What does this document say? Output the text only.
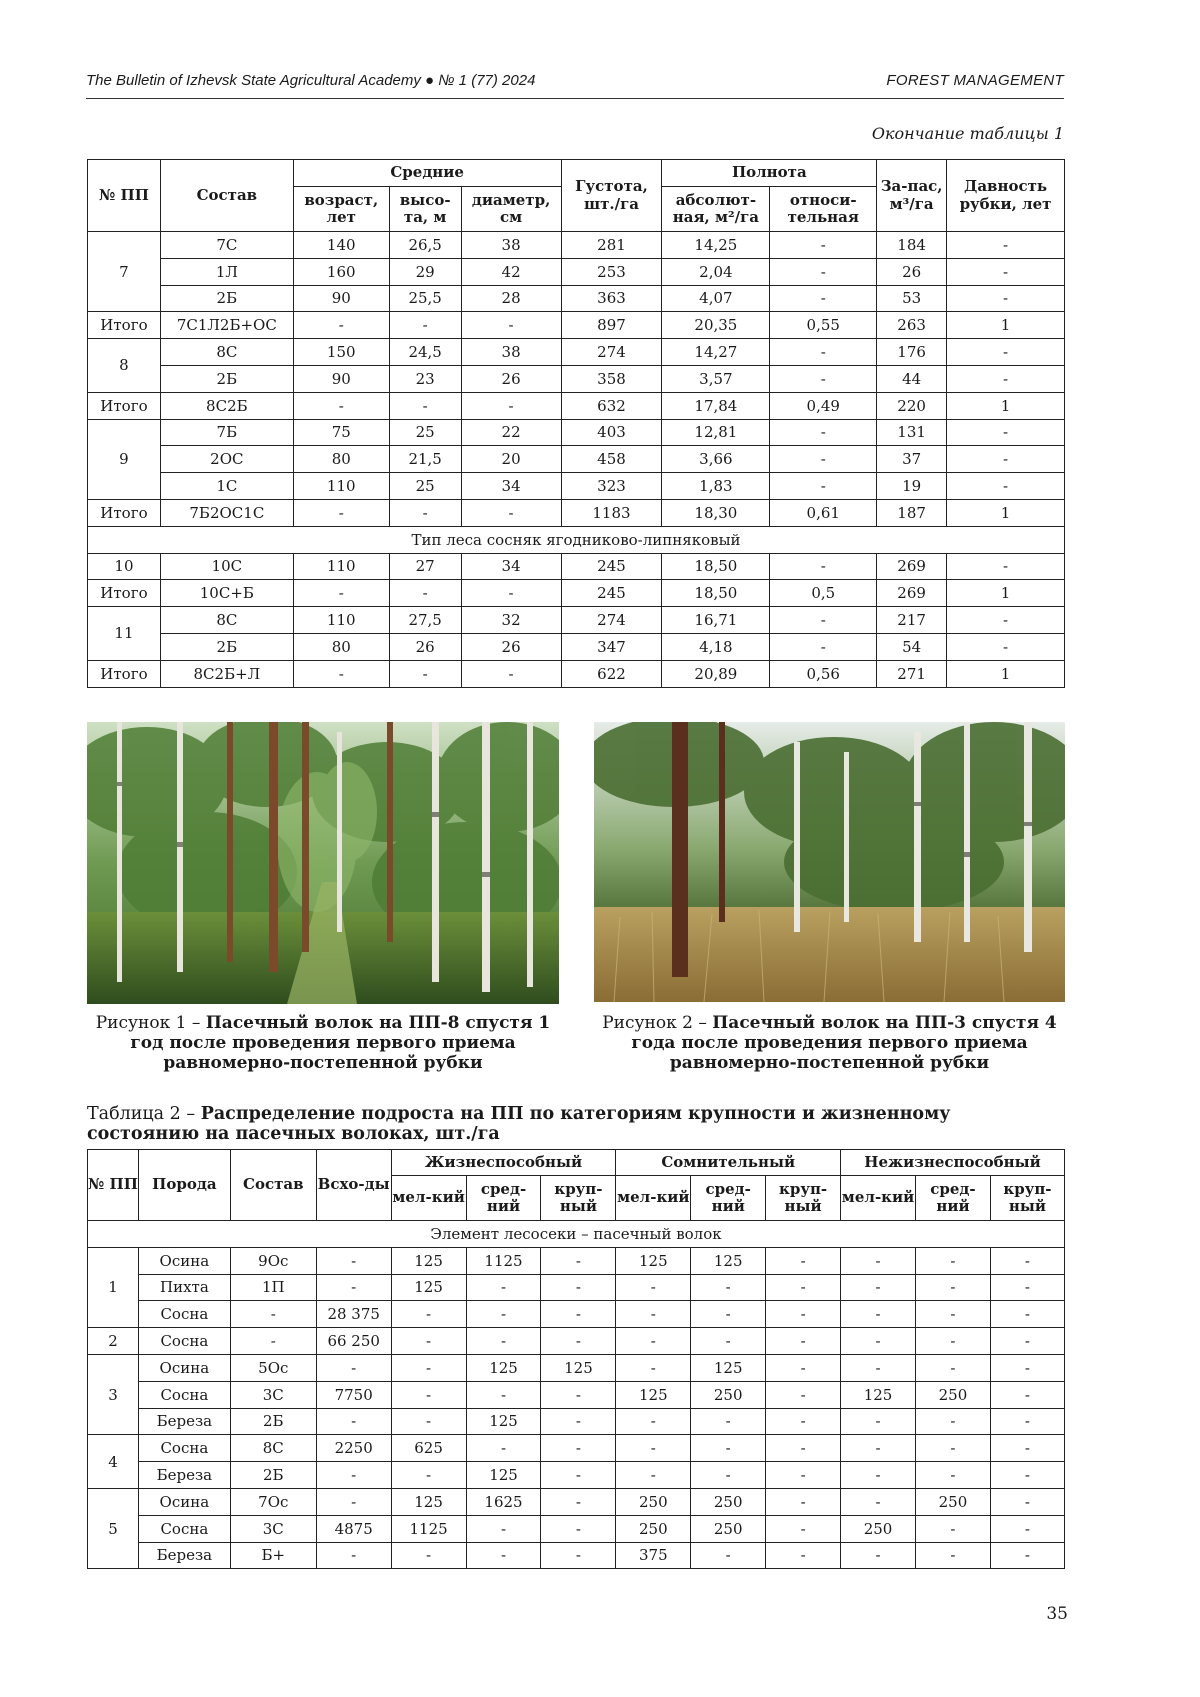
The Bulletin of Izhevsk State Agricultural Academy ● № 1 (77) 2024	FOREST MANAGEMENT
Окончание таблицы 1
№ ПП	Состав	Средние			Густота, шт./га	Полнота		За-пас, м³/га	Давность рубки, лет
		возраст, лет	высо-та, м	диаметр, см		абсолют-ная, м²/га	относи-тельная		
7	7С	140	26,5	38	281	14,25	-	184	-
	1Л	160	29	42	253	2,04	-	26	-
	2Б	90	25,5	28	363	4,07	-	53	-
Итого	7С1Л2Б+ОС	-	-	-	897	20,35	0,55	263	1
8	8С	150	24,5	38	274	14,27	-	176	-
	2Б	90	23	26	358	3,57	-	44	-
Итого	8С2Б	-	-	-	632	17,84	0,49	220	1
9	7Б	75	25	22	403	12,81	-	131	-
	2ОС	80	21,5	20	458	3,66	-	37	-
	1С	110	25	34	323	1,83	-	19	-
Итого	7Б2ОС1С	-	-	-	1183	18,30	0,61	187	1
Тип леса сосняк ягодниково-липняковый									
10	10С	110	27	34	245	18,50	-	269	-
Итого	10С+Б	-	-	-	245	18,50	0,5	269	1
11	8С	110	27,5	32	274	16,71	-	217	-
	2Б	80	26	26	347	4,18	-	54	-
Итого	8С2Б+Л	-	-	-	622	20,89	0,56	271	1
Рисунок 1 – Пасечный волок на ПП-8 спустя 1 год после проведения первого приема равномерно-постепенной рубки
Рисунок 2 – Пасечный волок на ПП-3 спустя 4 года после проведения первого приема равномерно-постепенной рубки
Таблица 2 – Распределение подроста на ПП по категориям крупности и жизненному состоянию на пасечных волоках, шт./га
№ ПП	Порода	Состав	Всхо-ды	Жизнеспособный			Сомнительный			Нежизнеспособный		
				мел-кий	сред-ний	круп-ный	мел-кий	сред-ний	круп-ный	мел-кий	сред-ний	круп-ный
Элемент лесосеки – пасечный волок												
1	Осина	9Ос	-	125	1125	-	125	125	-	-	-	-
	Пихта	1П	-	125	-	-	-	-	-	-	-	-
	Сосна	-	28 375	-	-	-	-	-	-	-	-	-
2	Сосна	-	66 250	-	-	-	-	-	-	-	-	-
3	Осина	5Ос	-	-	125	125	-	125	-	-	-	-
	Сосна	3С	7750	-	-	-	125	250	-	125	250	-
	Береза	2Б	-	-	125	-	-	-	-	-	-	-
4	Сосна	8С	2250	625	-	-	-	-	-	-	-	-
	Береза	2Б	-	-	125	-	-	-	-	-	-	-
5	Осина	7Ос	-	125	1625	-	250	250	-	-	250	-
	Сосна	3С	4875	1125	-	-	250	250	-	250	-	-
	Береза	Б+	-	-	-	-	375	-	-	-	-	-
35
